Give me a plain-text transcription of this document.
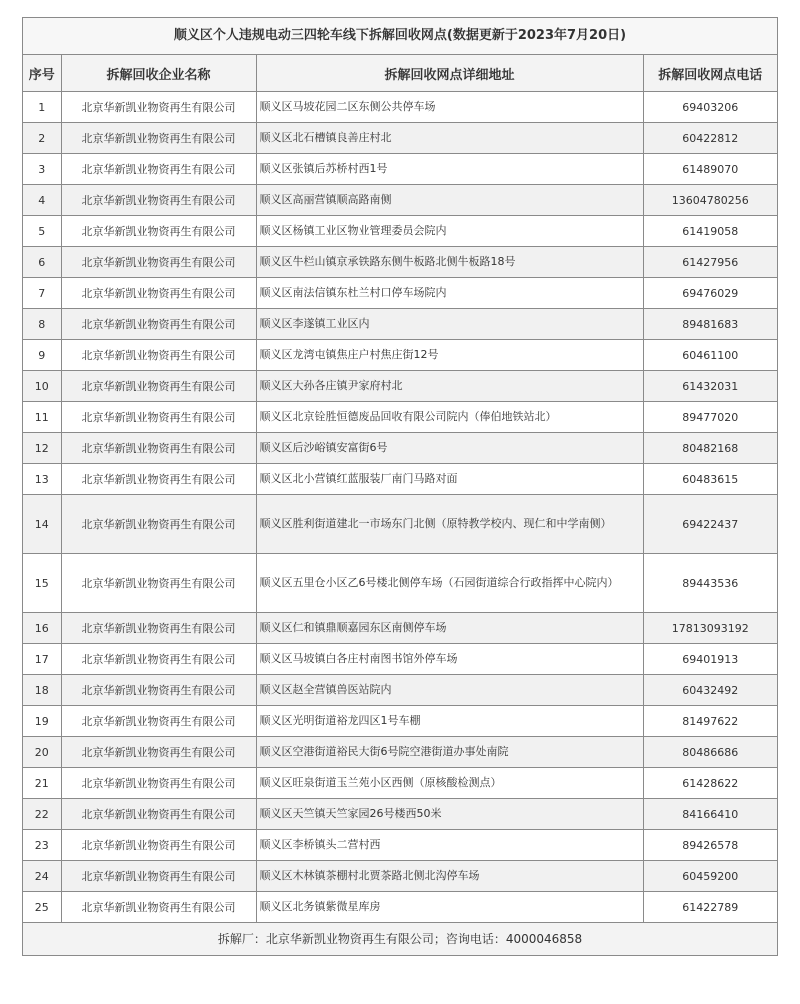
顺义区个人违规电动三四轮车线下拆解回收网点(数据更新于2023年7月20日)
序号	拆解回收企业名称	拆解回收网点详细地址	拆解回收网点电话
1	北京华新凯业物资再生有限公司	顺义区马坡花园二区东侧公共停车场	69403206
2	北京华新凯业物资再生有限公司	顺义区北石槽镇良善庄村北	60422812
3	北京华新凯业物资再生有限公司	顺义区张镇后苏桥村西1号	61489070
4	北京华新凯业物资再生有限公司	顺义区高丽营镇顺高路南侧	13604780256
5	北京华新凯业物资再生有限公司	顺义区杨镇工业区物业管理委员会院内	61419058
6	北京华新凯业物资再生有限公司	顺义区牛栏山镇京承铁路东侧牛板路北侧牛板路18号	61427956
7	北京华新凯业物资再生有限公司	顺义区南法信镇东杜兰村口停车场院内	69476029
8	北京华新凯业物资再生有限公司	顺义区李遂镇工业区内	89481683
9	北京华新凯业物资再生有限公司	顺义区龙湾屯镇焦庄户村焦庄街12号	60461100
10	北京华新凯业物资再生有限公司	顺义区大孙各庄镇尹家府村北	61432031
11	北京华新凯业物资再生有限公司	顺义区北京铨胜恒德废品回收有限公司院内（俸伯地铁站北）	89477020
12	北京华新凯业物资再生有限公司	顺义区后沙峪镇安富街6号	80482168
13	北京华新凯业物资再生有限公司	顺义区北小营镇红蓝服装厂南门马路对面	60483615
14	北京华新凯业物资再生有限公司	顺义区胜利街道建北一市场东门北侧（原特教学校内、现仁和中学南侧）	69422437
15	北京华新凯业物资再生有限公司	顺义区五里仓小区乙6号楼北侧停车场（石园街道综合行政指挥中心院内）	89443536
16	北京华新凯业物资再生有限公司	顺义区仁和镇鼎顺嘉园东区南侧停车场	17813093192
17	北京华新凯业物资再生有限公司	顺义区马坡镇白各庄村南图书馆外停车场	69401913
18	北京华新凯业物资再生有限公司	顺义区赵全营镇兽医站院内	60432492
19	北京华新凯业物资再生有限公司	顺义区光明街道裕龙四区1号车棚	81497622
20	北京华新凯业物资再生有限公司	顺义区空港街道裕民大街6号院空港街道办事处南院	80486686
21	北京华新凯业物资再生有限公司	顺义区旺泉街道玉兰苑小区西侧（原核酸检测点）	61428622
22	北京华新凯业物资再生有限公司	顺义区天竺镇天竺家园26号楼西50米	84166410
23	北京华新凯业物资再生有限公司	顺义区李桥镇头二营村西	89426578
24	北京华新凯业物资再生有限公司	顺义区木林镇茶棚村北贾茶路北侧北沟停车场	60459200
25	北京华新凯业物资再生有限公司	顺义区北务镇紫微星库房	61422789
拆解厂：北京华新凯业物资再生有限公司；咨询电话：4000046858
